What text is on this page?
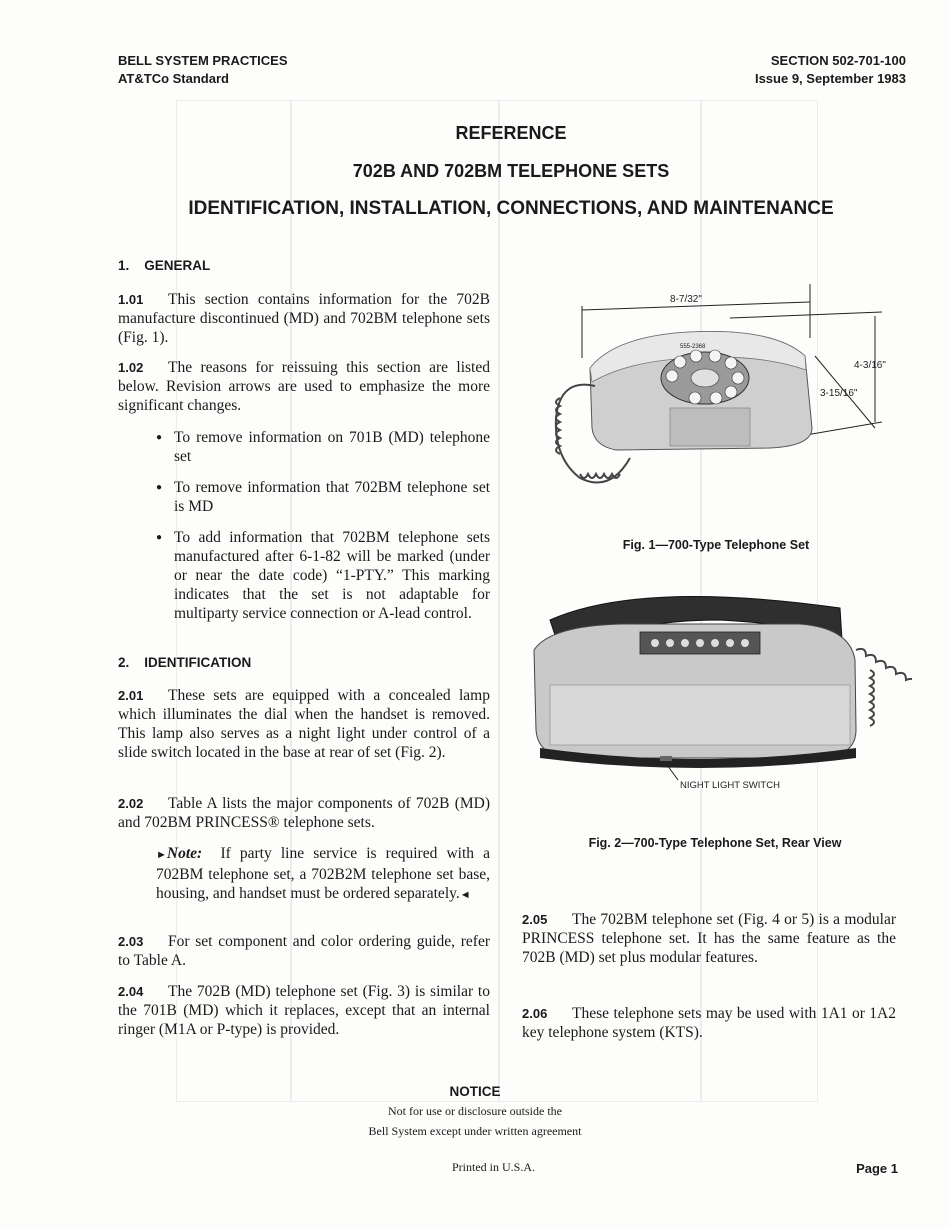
BELL SYSTEM PRACTICES
AT&TCo Standard
SECTION 502-701-100
Issue 9, September 1983
REFERENCE
702B AND 702BM TELEPHONE SETS
IDENTIFICATION, INSTALLATION, CONNECTIONS, AND MAINTENANCE
1. GENERAL
1.01 This section contains information for the 702B manufacture discontinued (MD) and 702BM telephone sets (Fig. 1).
1.02 The reasons for reissuing this section are listed below. Revision arrows are used to emphasize the more significant changes.
● To remove information on 701B (MD) telephone set
● To remove information that 702BM telephone set is MD
● To add information that 702BM telephone sets manufactured after 6-1-82 will be marked (under or near the date code) “1-PTY.” This marking indicates that the set is not adaptable for multiparty service connection or A-lead control.
2. IDENTIFICATION
2.01 These sets are equipped with a concealed lamp which illuminates the dial when the handset is removed. This lamp also serves as a night light under control of a slide switch located in the base at rear of set (Fig. 2).
2.02 Table A lists the major components of 702B (MD) and 702BM PRINCESS® telephone sets.
►Note: If party line service is required with a 702BM telephone set, a 702B2M telephone set base, housing, and handset must be ordered separately.◄
2.03 For set component and color ordering guide, refer to Table A.
2.04 The 702B (MD) telephone set (Fig. 3) is similar to the 701B (MD) which it replaces, except that an internal ringer (M1A or P-type) is provided.
2.05 The 702BM telephone set (Fig. 4 or 5) is a modular PRINCESS telephone set. It has the same feature as the 702B (MD) set plus modular features.
2.06 These telephone sets may be used with 1A1 or 1A2 key telephone system (KTS).
8-7/32"
4-3/16"
3-15/16"
555-2368
Fig. 1—700-Type Telephone Set
NIGHT LIGHT SWITCH
Fig. 2—700-Type Telephone Set, Rear View
NOTICE
Not for use or disclosure outside the
Bell System except under written agreement
Printed in U.S.A.	Page 1
